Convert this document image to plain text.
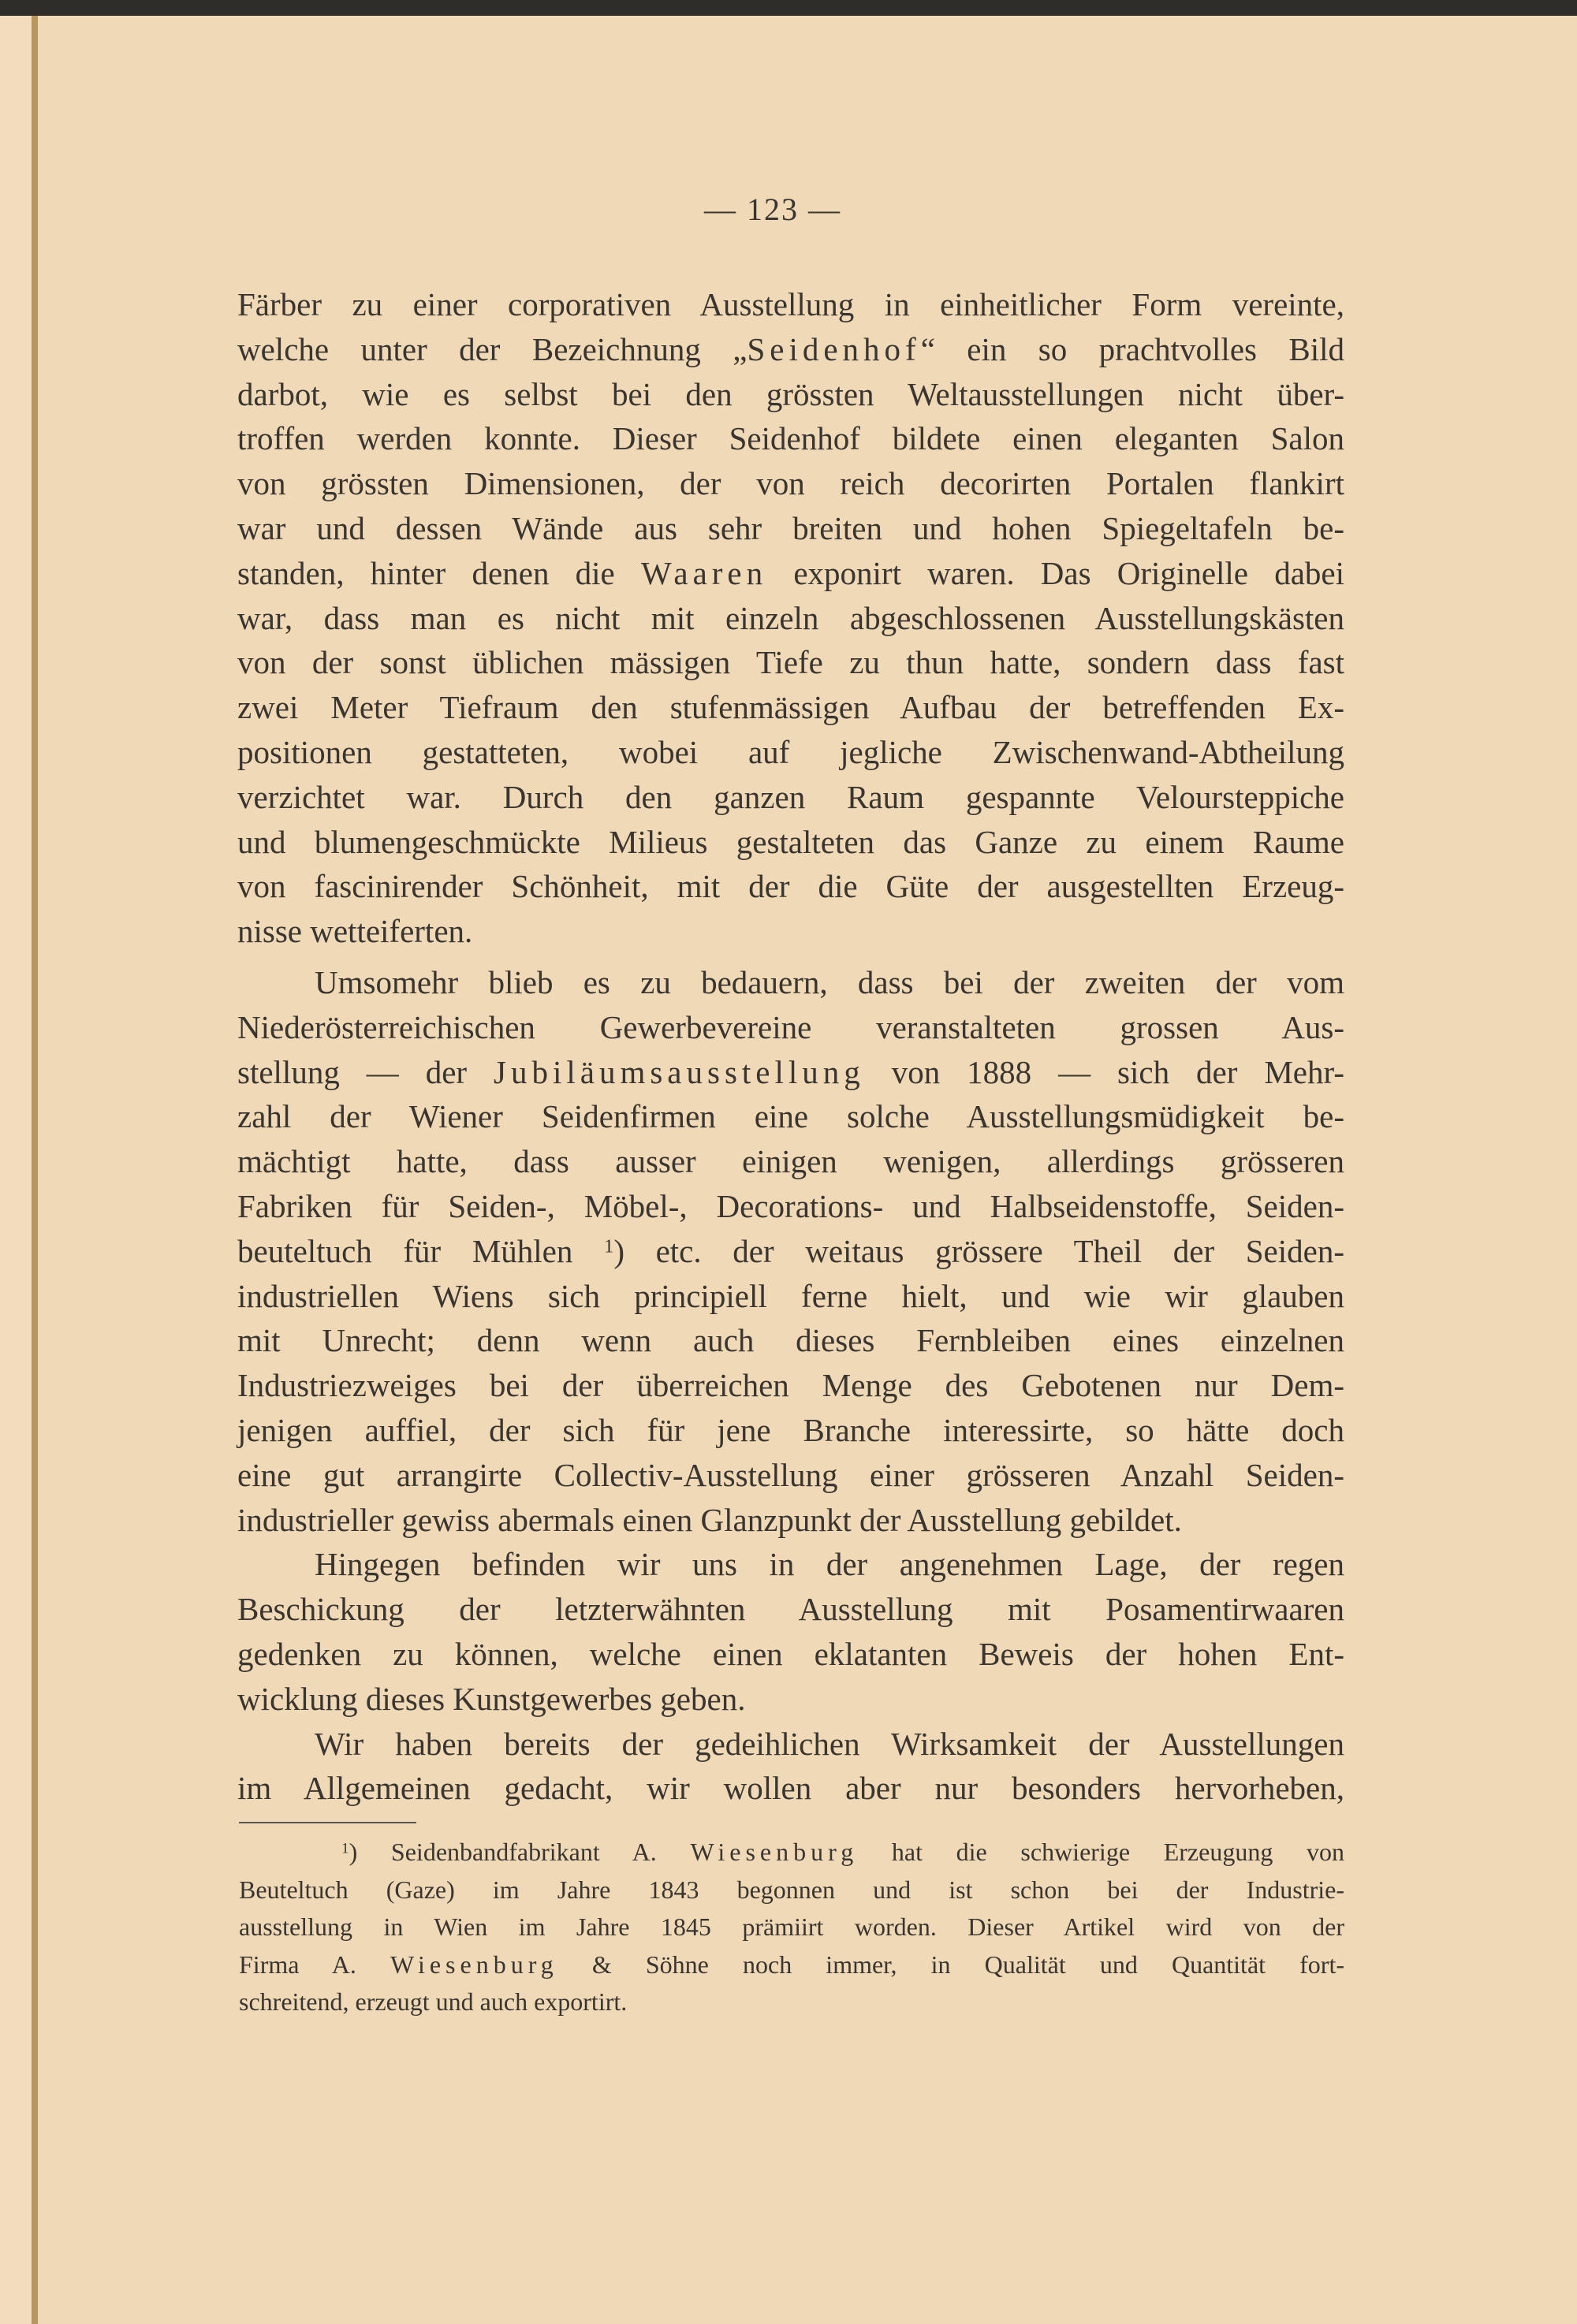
— 123 —
Färber zu einer corporativen Ausstellung in einheitlicher Form vereinte,
welche unter der Bezeichnung „Seidenhof“ ein so prachtvolles Bild
darbot, wie es selbst bei den grössten Weltausstellungen nicht über-
troffen werden konnte. Dieser Seidenhof bildete einen eleganten Salon
von grössten Dimensionen, der von reich decorirten Portalen flankirt
war und dessen Wände aus sehr breiten und hohen Spiegeltafeln be-
standen, hinter denen die Waaren exponirt waren. Das Originelle dabei
war, dass man es nicht mit einzeln abgeschlossenen Ausstellungskästen
von der sonst üblichen mässigen Tiefe zu thun hatte, sondern dass fast
zwei Meter Tiefraum den stufenmässigen Aufbau der betreffenden Ex-
positionen gestatteten, wobei auf jegliche Zwischenwand-Abtheilung
verzichtet war. Durch den ganzen Raum gespannte Veloursteppiche
und blumengeschmückte Milieus gestalteten das Ganze zu einem Raume
von fascinirender Schönheit, mit der die Güte der ausgestellten Erzeug-
nisse wetteiferten.
Umsomehr blieb es zu bedauern, dass bei der zweiten der vom
Niederösterreichischen Gewerbevereine veranstalteten grossen Aus-
stellung — der Jubiläumsausstellung von 1888 — sich der Mehr-
zahl der Wiener Seidenfirmen eine solche Ausstellungsmüdigkeit be-
mächtigt hatte, dass ausser einigen wenigen, allerdings grösseren
Fabriken für Seiden-, Möbel-, Decorations- und Halbseidenstoffe, Seiden-
beuteltuch für Mühlen $^1$) etc. der weitaus grössere Theil der Seiden-
industriellen Wiens sich principiell ferne hielt, und wie wir glauben
mit Unrecht; denn wenn auch dieses Fernbleiben eines einzelnen
Industriezweiges bei der überreichen Menge des Gebotenen nur Dem-
jenigen auffiel, der sich für jene Branche interessirte, so hätte doch
eine gut arrangirte Collectiv-Ausstellung einer grösseren Anzahl Seiden-
industrieller gewiss abermals einen Glanzpunkt der Ausstellung gebildet.
Hingegen befinden wir uns in der angenehmen Lage, der regen
Beschickung der letzterwähnten Ausstellung mit Posamentirwaaren
gedenken zu können, welche einen eklatanten Beweis der hohen Ent-
wicklung dieses Kunstgewerbes geben.
Wir haben bereits der gedeihlichen Wirksamkeit der Ausstellungen
im Allgemeinen gedacht, wir wollen aber nur besonders hervorheben,
$^1$) Seidenbandfabrikant A. Wiesenburg hat die schwierige Erzeugung von
Beuteltuch (Gaze) im Jahre 1843 begonnen und ist schon bei der Industrie-
ausstellung in Wien im Jahre 1845 prämiirt worden. Dieser Artikel wird von der
Firma A. Wiesenburg & Söhne noch immer, in Qualität und Quantität fort-
schreitend, erzeugt und auch exportirt.
